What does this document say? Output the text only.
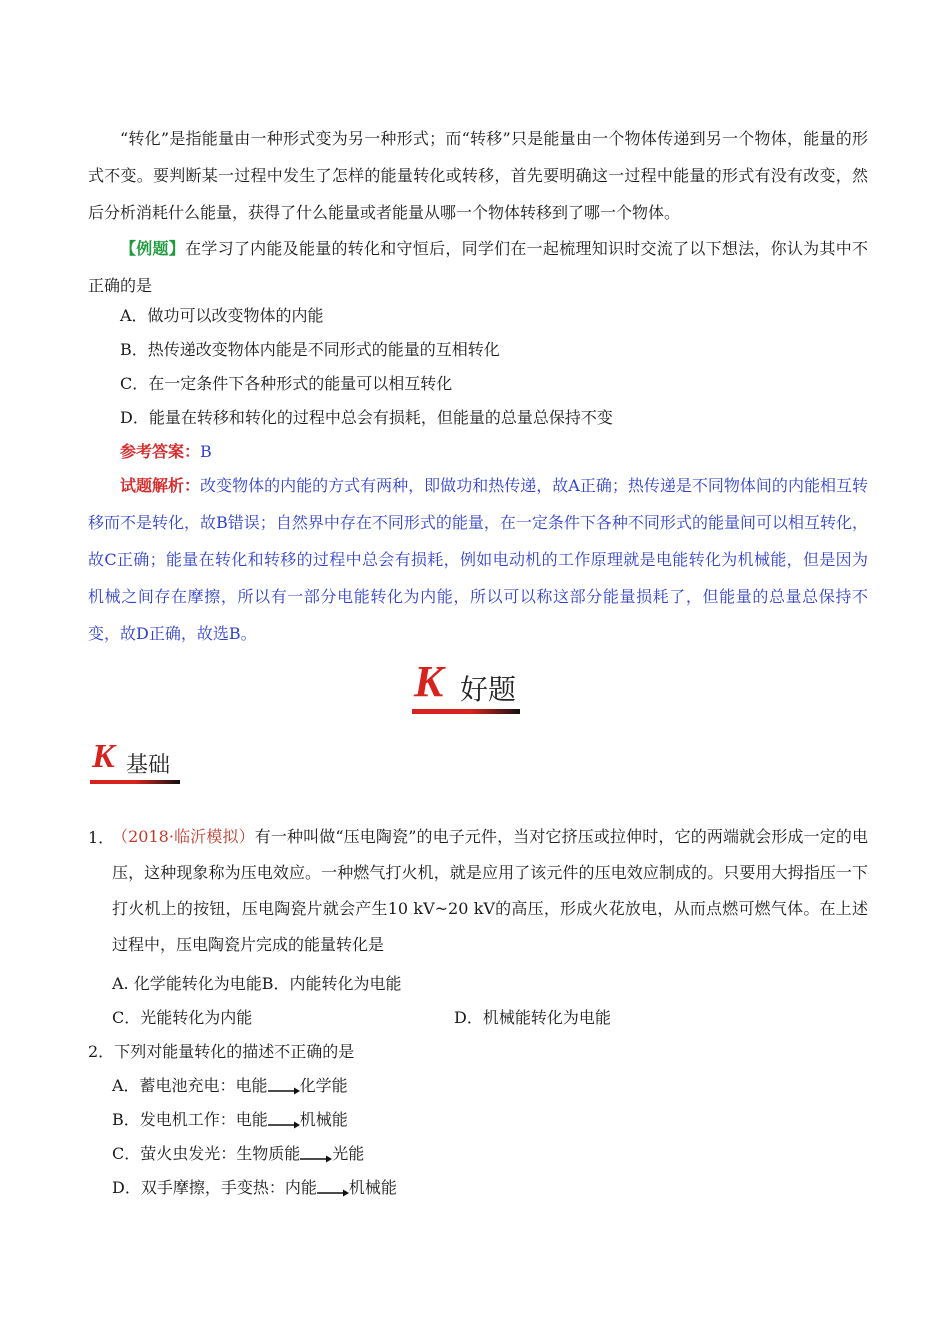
“转化”是指能量由一种形式变为另一种形式；而“转移”只是能量由一个物体传递到另一个物体，能量的形式不变。要判断某一过程中发生了怎样的能量转化或转移，首先要明确这一过程中能量的形式有没有改变，然后分析消耗什么能量，获得了什么能量或者能量从哪一个物体转移到了哪一个物体。
【例题】在学习了内能及能量的转化和守恒后，同学们在一起梳理知识时交流了以下想法，你认为其中不正确的是
A．做功可以改变物体的内能
B．热传递改变物体内能是不同形式的能量的互相转化
C．在一定条件下各种形式的能量可以相互转化
D．能量在转移和转化的过程中总会有损耗，但能量的总量总保持不变
参考答案：B
试题解析：改变物体的内能的方式有两种，即做功和热传递，故A正确；热传递是不同物体间的内能相互转移而不是转化，故B错误；自然界中存在不同形式的能量，在一定条件下各种不同形式的能量间可以相互转化，故C正确；能量在转化和转移的过程中总会有损耗，例如电动机的工作原理就是电能转化为机械能，但是因为机械之间存在摩擦，所以有一部分电能转化为内能，所以可以称这部分能量损耗了，但能量的总量总保持不变，故D正确，故选B。
K 好题
K 基础
1．
（2018·临沂模拟）有一种叫做“压电陶瓷”的电子元件，当对它挤压或拉伸时，它的两端就会形成一定的电压，这种现象称为压电效应。一种燃气打火机，就是应用了该元件的压电效应制成的。只要用大拇指压一下打火机上的按钮，压电陶瓷片就会产生10 kV~20 kV的高压，形成火花放电，从而点燃可燃气体。在上述过程中，压电陶瓷片完成的能量转化是
A. 化学能转化为电能B．内能转化为电能
C．光能转化为内能	D．机械能转化为电能
2．下列对能量转化的描述不正确的是
A．蓄电池充电：电能 化学能
B．发电机工作：电能 机械能
C．萤火虫发光：生物质能 光能
D．双手摩擦，手变热：内能 机械能
